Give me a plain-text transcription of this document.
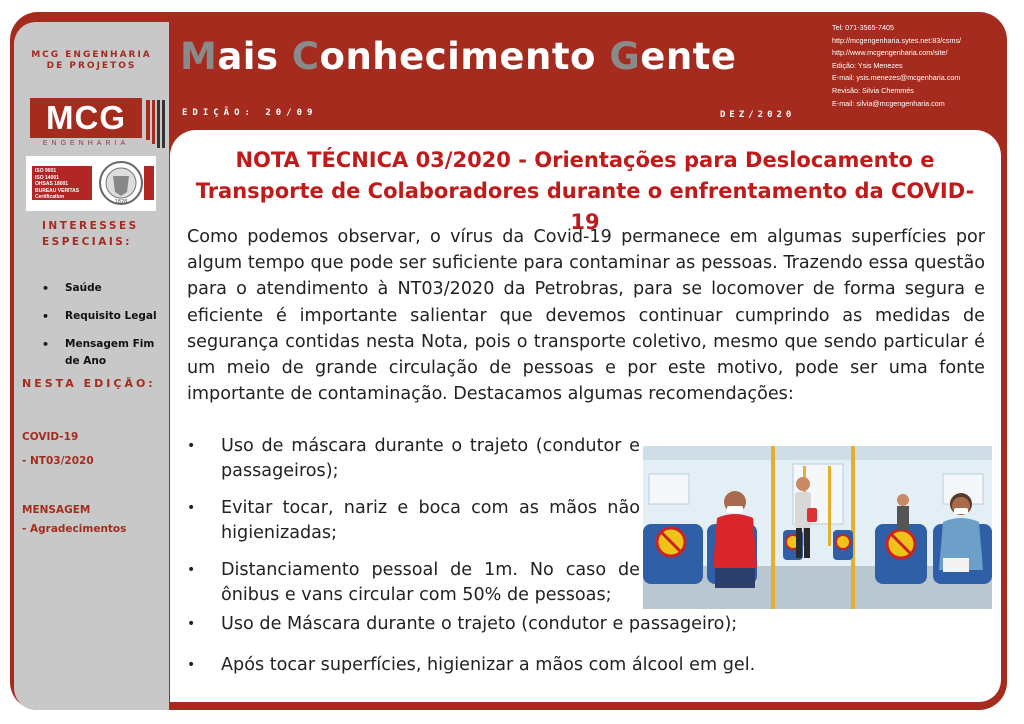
MCG ENGENHARIA
DE PROJETOS
MCG
ENGENHARIA
ISO 9001
ISO 14001
OHSAS 18001
BUREAU VERITAS
Certification
1828
INTERESSES
ESPECIAIS:
• Saúde
• Requisito Legal
• Mensagem Fim de Ano
NESTA EDIÇÃO:
COVID-19
- NT03/2020
MENSAGEM
- Agradecimentos
Mais Conhecimento Gente
EDIÇÃO: 20/09	DEZ/2020
Tel: 071-3565-7405
http://mcgengenharia.sytes.net:83/csms/
http://www.mcgengenharia.com/site/
Edição: Ysis Menezes
E-mail: ysis.menezes@mcgenharia.com
Revisão: Silvia Chemmés
E-mail: silvia@mcgengenharia.com
NOTA TÉCNICA 03/2020 - Orientações para Deslocamento e Transporte de Colaboradores durante o enfrentamento da COVID-19
Como podemos observar, o vírus da Covid-19 permanece em algumas superfícies por algum tempo que pode ser suficiente para contaminar as pessoas. Trazendo essa questão para o atendimento à NT03/2020 da Petrobras, para se locomover de forma segura e eficiente é importante salientar que devemos continuar cumprindo as medidas de segurança contidas nesta Nota, pois o transporte coletivo, mesmo que sendo particular é um meio de grande circulação de pessoas e por este motivo, pode ser uma fonte importante de contaminação. Destacamos algumas recomendações:
• Uso de máscara durante o trajeto (condutor e passageiros);
• Evitar tocar, nariz e boca com as mãos não higienizadas;
• Distanciamento pessoal de 1m. No caso de ônibus e vans circular com 50% de pessoas;
• Uso de Máscara durante o trajeto (condutor e passageiro);
• Após tocar superfícies, higienizar a mãos com álcool em gel.
